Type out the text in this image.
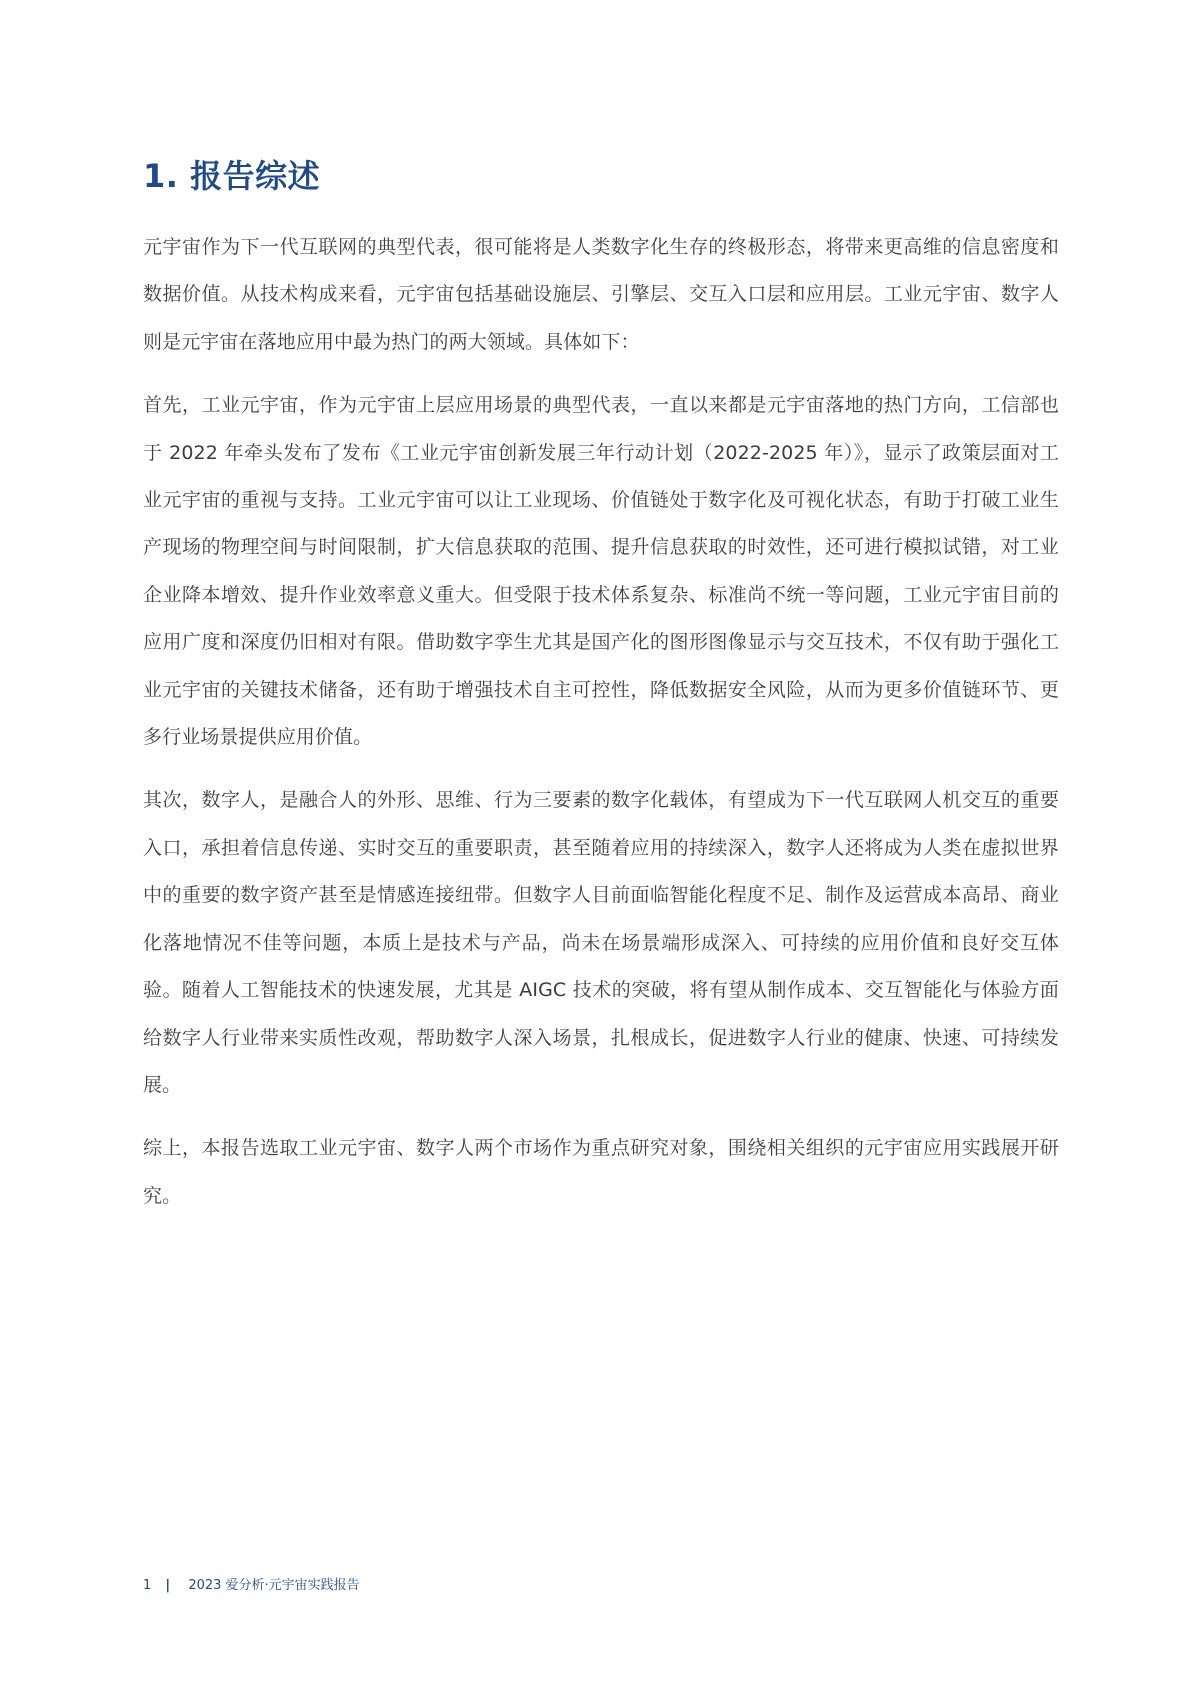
1. 报告综述

元宇宙作为下一代互联网的典型代表，很可能将是人类数字化生存的终极形态，将带来更高维的信息密度和数据价值。从技术构成来看，元宇宙包括基础设施层、引擎层、交互入口层和应用层。工业元宇宙、数字人则是元宇宙在落地应用中最为热门的两大领域。具体如下：

首先，工业元宇宙，作为元宇宙上层应用场景的典型代表，一直以来都是元宇宙落地的热门方向，工信部也于 2022 年牵头发布了发布《工业元宇宙创新发展三年行动计划（2022-2025 年）》，显示了政策层面对工业元宇宙的重视与支持。工业元宇宙可以让工业现场、价值链处于数字化及可视化状态，有助于打破工业生产现场的物理空间与时间限制，扩大信息获取的范围、提升信息获取的时效性，还可进行模拟试错，对工业企业降本增效、提升作业效率意义重大。但受限于技术体系复杂、标准尚不统一等问题，工业元宇宙目前的应用广度和深度仍旧相对有限。借助数字孪生尤其是国产化的图形图像显示与交互技术，不仅有助于强化工业元宇宙的关键技术储备，还有助于增强技术自主可控性，降低数据安全风险，从而为更多价值链环节、更多行业场景提供应用价值。

其次，数字人，是融合人的外形、思维、行为三要素的数字化载体，有望成为下一代互联网人机交互的重要入口，承担着信息传递、实时交互的重要职责，甚至随着应用的持续深入，数字人还将成为人类在虚拟世界中的重要的数字资产甚至是情感连接纽带。但数字人目前面临智能化程度不足、制作及运营成本高昂、商业化落地情况不佳等问题，本质上是技术与产品，尚未在场景端形成深入、可持续的应用价值和良好交互体验。随着人工智能技术的快速发展，尤其是 AIGC 技术的突破，将有望从制作成本、交互智能化与体验方面给数字人行业带来实质性改观，帮助数字人深入场景，扎根成长，促进数字人行业的健康、快速、可持续发展。

综上，本报告选取工业元宇宙、数字人两个市场作为重点研究对象，围绕相关组织的元宇宙应用实践展开研究。

1 | 2023 爱分析·元宇宙实践报告
